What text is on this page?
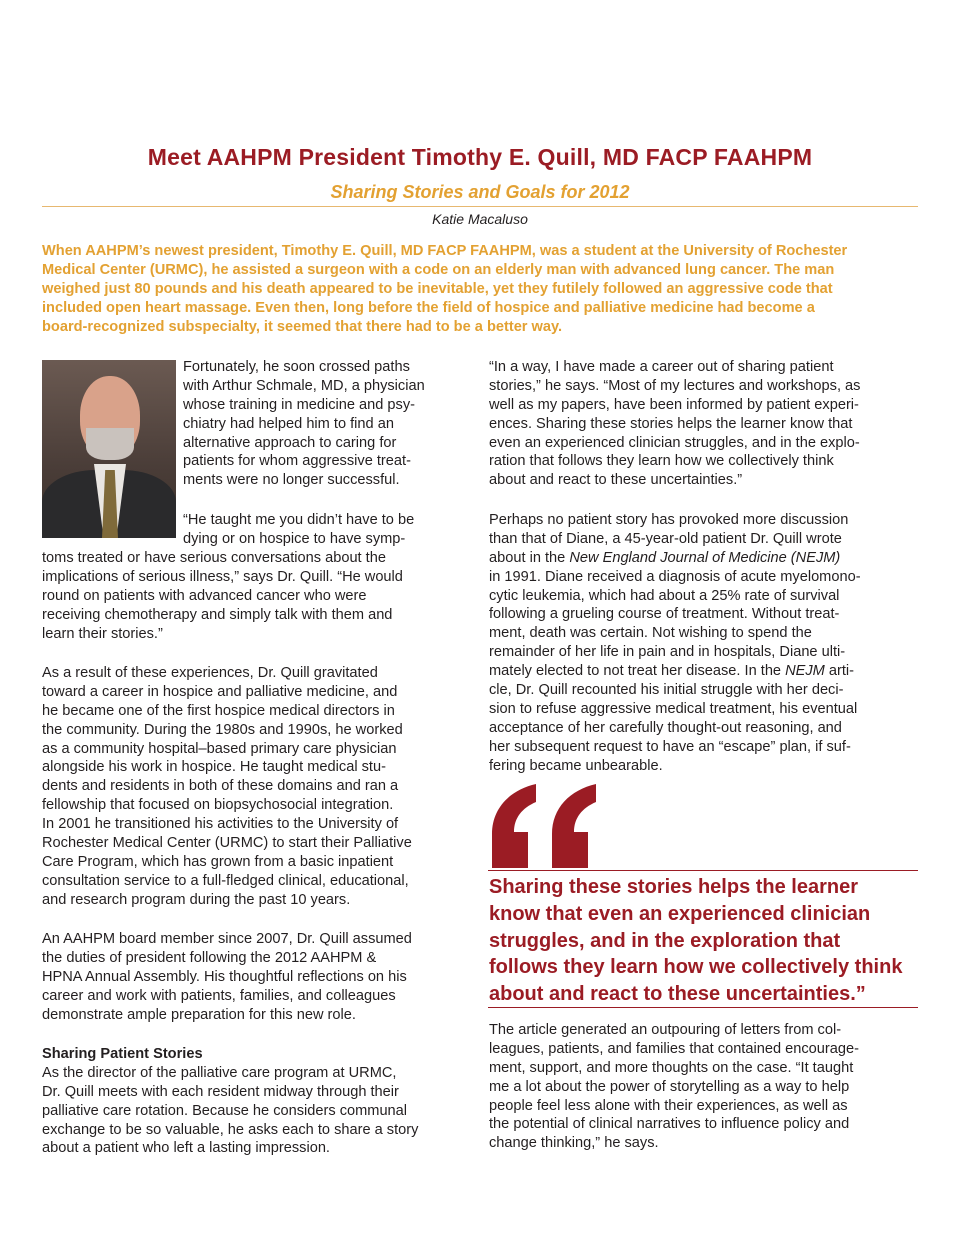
Meet AAHPM President Timothy E. Quill, MD FACP FAAHPM
Sharing Stories and Goals for 2012
Katie Macaluso
When AAHPM’s newest president, Timothy E. Quill, MD FACP FAAHPM, was a student at the University of Rochester
Medical Center (URMC), he assisted a surgeon with a code on an elderly man with advanced lung cancer. The man
weighed just 80 pounds and his death appeared to be inevitable, yet they futilely followed an aggressive code that
included open heart massage. Even then, long before the field of hospice and palliative medicine had become a
board-recognized subspecialty, it seemed that there had to be a better way.
Fortunately, he soon crossed paths
with Arthur Schmale, MD, a physician
whose training in medicine and psy-
chiatry had helped him to find an
alternative approach to caring for
patients for whom aggressive treat-
ments were no longer successful.
“He taught me you didn’t have to be
dying or on hospice to have symp-
toms treated or have serious conversations about the
implications of serious illness,” says Dr. Quill. “He would
round on patients with advanced cancer who were
receiving chemotherapy and simply talk with them and
learn their stories.”
As a result of these experiences, Dr. Quill gravitated
toward a career in hospice and palliative medicine, and
he became one of the first hospice medical directors in
the community. During the 1980s and 1990s, he worked
as a community hospital–based primary care physician
alongside his work in hospice. He taught medical stu-
dents and residents in both of these domains and ran a
fellowship that focused on biopsychosocial integration.
In 2001 he transitioned his activities to the University of
Rochester Medical Center (URMC) to start their Palliative
Care Program, which has grown from a basic inpatient
consultation service to a full-fledged clinical, educational,
and research program during the past 10 years.
An AAHPM board member since 2007, Dr. Quill assumed
the duties of president following the 2012 AAHPM &
HPNA Annual Assembly. His thoughtful reflections on his
career and work with patients, families, and colleagues
demonstrate ample preparation for this new role.
Sharing Patient Stories
As the director of the palliative care program at URMC,
Dr. Quill meets with each resident midway through their
palliative care rotation. Because he considers communal
exchange to be so valuable, he asks each to share a story
about a patient who left a lasting impression.
“In a way, I have made a career out of sharing patient
stories,” he says. “Most of my lectures and workshops, as
well as my papers, have been informed by patient experi-
ences. Sharing these stories helps the learner know that
even an experienced clinician struggles, and in the explo-
ration that follows they learn how we collectively think
about and react to these uncertainties.”
Perhaps no patient story has provoked more discussion
than that of Diane, a 45-year-old patient Dr. Quill wrote
about in the New England Journal of Medicine (NEJM)
in 1991. Diane received a diagnosis of acute myelomono-
cytic leukemia, which had about a 25% rate of survival
following a grueling course of treatment. Without treat-
ment, death was certain. Not wishing to spend the
remainder of her life in pain and in hospitals, Diane ulti-
mately elected to not treat her disease. In the NEJM arti-
cle, Dr. Quill recounted his initial struggle with her deci-
sion to refuse aggressive medical treatment, his eventual
acceptance of her carefully thought-out reasoning, and
her subsequent request to have an “escape” plan, if suf-
fering became unbearable.
Sharing these stories helps the learner
know that even an experienced clinician
struggles, and in the exploration that
follows they learn how we collectively think
about and react to these uncertainties.”
The article generated an outpouring of letters from col-
leagues, patients, and families that contained encourage-
ment, support, and more thoughts on the case. “It taught
me a lot about the power of storytelling as a way to help
people feel less alone with their experiences, as well as
the potential of clinical narratives to influence policy and
change thinking,” he says.
